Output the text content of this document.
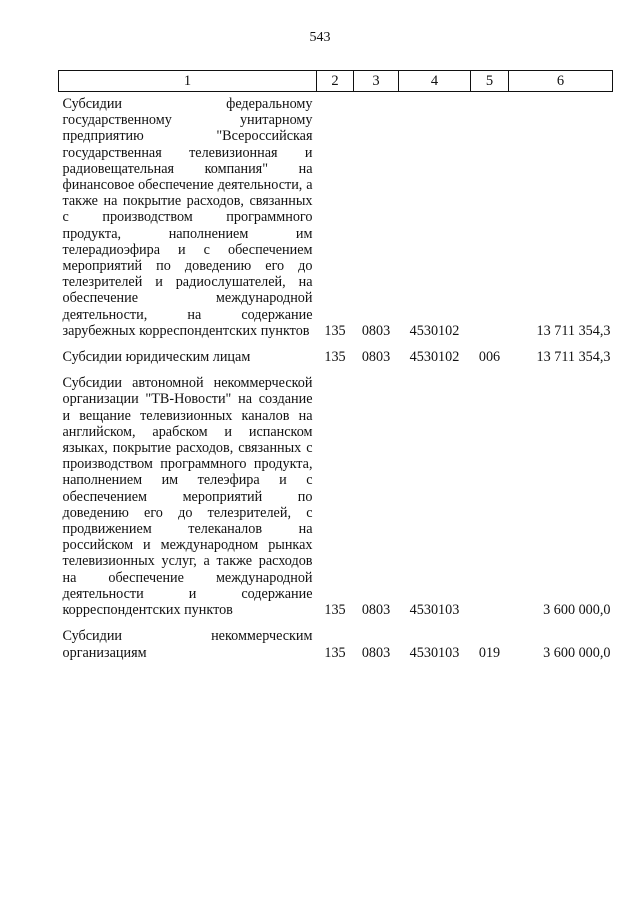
543
1	2	3	4	5	6
Субсидии федеральному государственному унитарному предприятию "Всероссийская государственная телевизионная и радиовещательная компания" на финансовое обеспечение деятельности, а также на покрытие расходов, связанных с производством программного продукта, наполнением им телерадиоэфира и с обеспечением мероприятий по доведению его до телезрителей и радиослушателей, на обеспечение международной деятельности, на содержание зарубежных корреспондентских пунктов	135	0803	4530102		13 711 354,3
Субсидии юридическим лицам	135	0803	4530102	006	13 711 354,3
Субсидии автономной некоммерческой организации "ТВ-Новости" на создание и вещание телевизионных каналов на английском, арабском и испанском языках, покрытие расходов, связанных с производством программного продукта, наполнением им телеэфира и с обеспечением мероприятий по доведению его до телезрителей, с продвижением телеканалов на российском и международном рынках телевизионных услуг, а также расходов на обеспечение международной деятельности и содержание корреспондентских пунктов	135	0803	4530103		3 600 000,0
Субсидии некоммерческим организациям	135	0803	4530103	019	3 600 000,0
